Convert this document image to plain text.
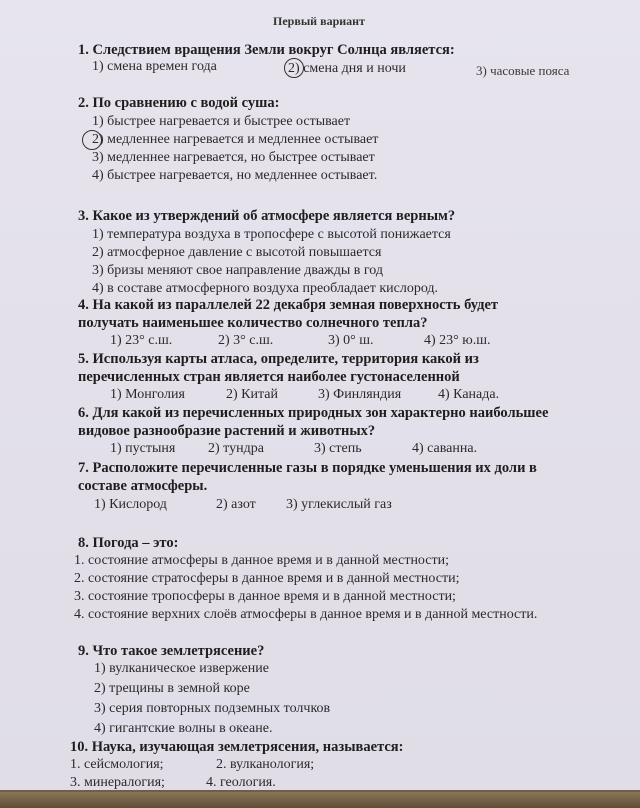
Первый вариант
1. Следствием вращения Земли вокруг Солнца является:
1) смена времен года	2) смена дня и ночи	3) часовые пояса
2. По сравнению с водой суша:
1) быстрее нагревается и быстрее остывает
2) медленнее нагревается и медленнее остывает
3) медленнее нагревается, но быстрее остывает
4) быстрее нагревается, но медленнее остывает.
3. Какое из утверждений об атмосфере является верным?
1) температура воздуха в тропосфере с высотой понижается
2) атмосферное давление с высотой повышается
3) бризы меняют свое направление дважды в год
4) в составе атмосферного воздуха преобладает кислород.
4. На какой из параллелей 22 декабря земная поверхность будет
получать наименьшее количество солнечного тепла?
1) 23° с.ш.	2) 3° с.ш.	3) 0° ш.	4) 23° ю.ш.
5. Используя карты атласа, определите, территория какой из
перечисленных стран является наиболее густонаселенной
1) Монголия	2) Китай	3) Финляндия	4) Канада.
6. Для какой из перечисленных природных зон характерно наибольшее
видовое разнообразие растений и животных?
1) пустыня 2) тундра	3) степь	4) саванна.
7. Расположите перечисленные газы в порядке уменьшения их доли в
составе атмосферы.
1) Кислород	2) азот 3) углекислый газ
8. Погода – это:
1. состояние атмосферы в данное время и в данной местности;
2. состояние стратосферы в данное время и в данной местности;
3. состояние тропосферы в данное время и в данной местности;
4. состояние верхних слоёв атмосферы в данное время и в данной местности.
9. Что такое землетрясение?
1) вулканическое извержение
2) трещины в земной коре
3) серия повторных подземных толчков
4) гигантские волны в океане.
10. Наука, изучающая землетрясения, называется:
1. сейсмология;	2. вулканология;
3. минералогия;	4. геология.
